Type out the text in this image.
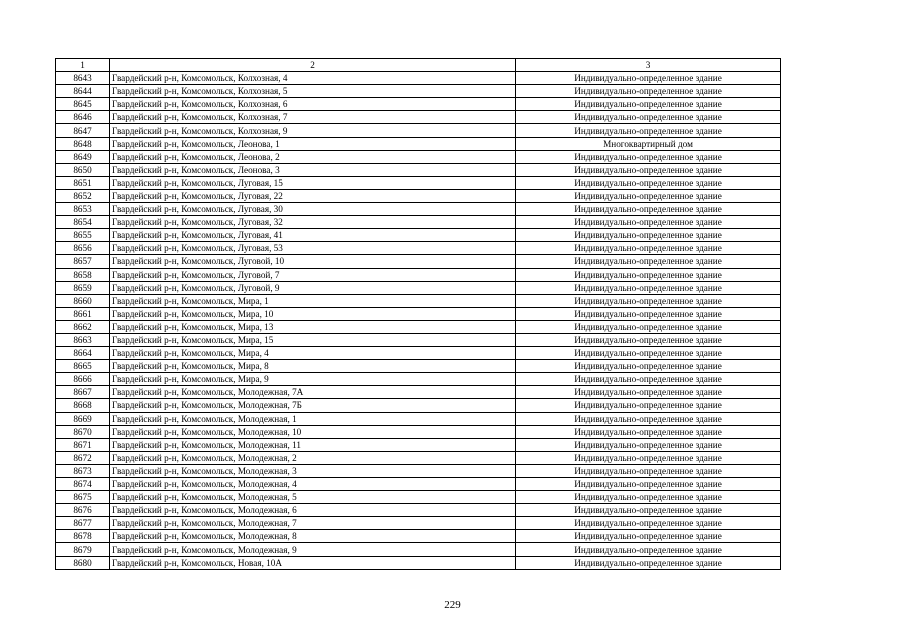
1	2	3
8643	Гвардейский р-н, Комсомольск, Колхозная, 4	Индивидуально-определенное здание
8644	Гвардейский р-н, Комсомольск, Колхозная, 5	Индивидуально-определенное здание
8645	Гвардейский р-н, Комсомольск, Колхозная, 6	Индивидуально-определенное здание
8646	Гвардейский р-н, Комсомольск, Колхозная, 7	Индивидуально-определенное здание
8647	Гвардейский р-н, Комсомольск, Колхозная, 9	Индивидуально-определенное здание
8648	Гвардейский р-н, Комсомольск, Леонова, 1	Многоквартирный дом
8649	Гвардейский р-н, Комсомольск, Леонова, 2	Индивидуально-определенное здание
8650	Гвардейский р-н, Комсомольск, Леонова, 3	Индивидуально-определенное здание
8651	Гвардейский р-н, Комсомольск, Луговая, 15	Индивидуально-определенное здание
8652	Гвардейский р-н, Комсомольск, Луговая, 22	Индивидуально-определенное здание
8653	Гвардейский р-н, Комсомольск, Луговая, 30	Индивидуально-определенное здание
8654	Гвардейский р-н, Комсомольск, Луговая, 32	Индивидуально-определенное здание
8655	Гвардейский р-н, Комсомольск, Луговая, 41	Индивидуально-определенное здание
8656	Гвардейский р-н, Комсомольск, Луговая, 53	Индивидуально-определенное здание
8657	Гвардейский р-н, Комсомольск, Луговой, 10	Индивидуально-определенное здание
8658	Гвардейский р-н, Комсомольск, Луговой, 7	Индивидуально-определенное здание
8659	Гвардейский р-н, Комсомольск, Луговой, 9	Индивидуально-определенное здание
8660	Гвардейский р-н, Комсомольск, Мира, 1	Индивидуально-определенное здание
8661	Гвардейский р-н, Комсомольск, Мира, 10	Индивидуально-определенное здание
8662	Гвардейский р-н, Комсомольск, Мира, 13	Индивидуально-определенное здание
8663	Гвардейский р-н, Комсомольск, Мира, 15	Индивидуально-определенное здание
8664	Гвардейский р-н, Комсомольск, Мира, 4	Индивидуально-определенное здание
8665	Гвардейский р-н, Комсомольск, Мира, 8	Индивидуально-определенное здание
8666	Гвардейский р-н, Комсомольск, Мира, 9	Индивидуально-определенное здание
8667	Гвардейский р-н, Комсомольск, Молодежная, 7А	Индивидуально-определенное здание
8668	Гвардейский р-н, Комсомольск, Молодежная, 7Б	Индивидуально-определенное здание
8669	Гвардейский р-н, Комсомольск, Молодежная, 1	Индивидуально-определенное здание
8670	Гвардейский р-н, Комсомольск, Молодежная, 10	Индивидуально-определенное здание
8671	Гвардейский р-н, Комсомольск, Молодежная, 11	Индивидуально-определенное здание
8672	Гвардейский р-н, Комсомольск, Молодежная, 2	Индивидуально-определенное здание
8673	Гвардейский р-н, Комсомольск, Молодежная, 3	Индивидуально-определенное здание
8674	Гвардейский р-н, Комсомольск, Молодежная, 4	Индивидуально-определенное здание
8675	Гвардейский р-н, Комсомольск, Молодежная, 5	Индивидуально-определенное здание
8676	Гвардейский р-н, Комсомольск, Молодежная, 6	Индивидуально-определенное здание
8677	Гвардейский р-н, Комсомольск, Молодежная, 7	Индивидуально-определенное здание
8678	Гвардейский р-н, Комсомольск, Молодежная, 8	Индивидуально-определенное здание
8679	Гвардейский р-н, Комсомольск, Молодежная, 9	Индивидуально-определенное здание
8680	Гвардейский р-н, Комсомольск, Новая, 10А	Индивидуально-определенное здание
229
